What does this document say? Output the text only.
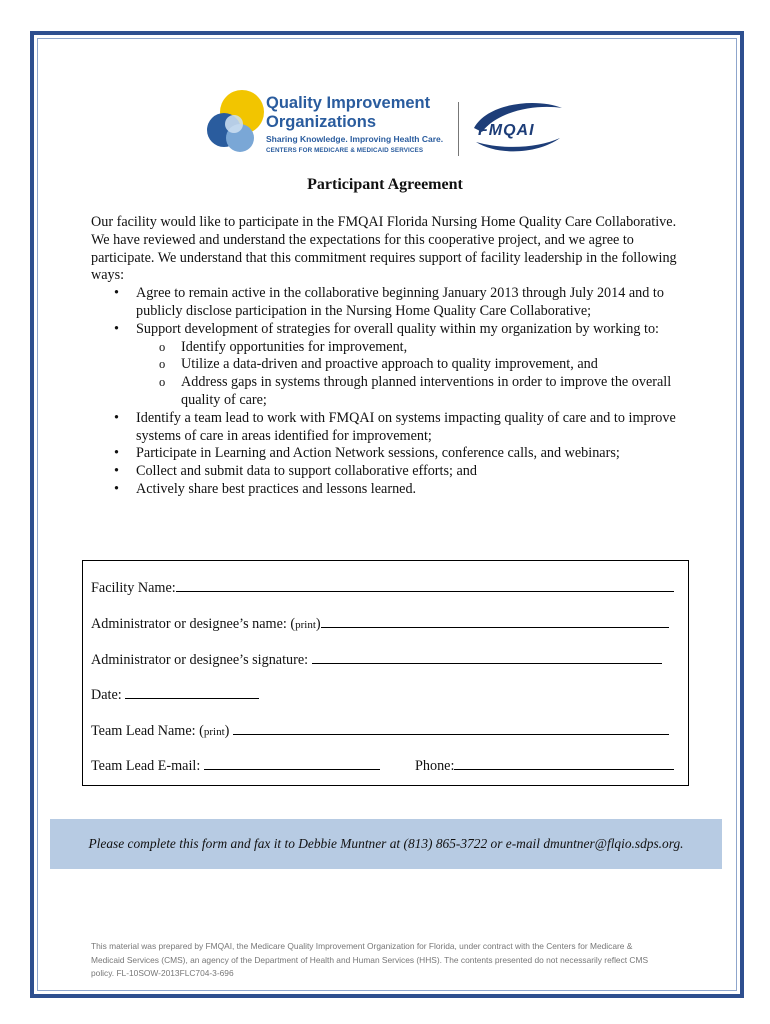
Quality Improvement
Organizations
Sharing Knowledge. Improving Health Care.
CENTERS FOR MEDICARE & MEDICAID SERVICES
FMQAI
Participant Agreement

Our facility would like to participate in the FMQAI Florida Nursing Home Quality Care Collaborative. We have reviewed and understand the expectations for this cooperative project, and we agree to participate. We understand that this commitment requires support of facility leadership in the following ways:

• Agree to remain active in the collaborative beginning January 2013 through July 2014 and to publicly disclose participation in the Nursing Home Quality Care Collaborative;
• Support development of strategies for overall quality within my organization by working to:
o Identify opportunities for improvement,
o Utilize a data-driven and proactive approach to quality improvement, and
o Address gaps in systems through planned interventions in order to improve the overall quality of care;
• Identify a team lead to work with FMQAI on systems impacting quality of care and to improve systems of care in areas identified for improvement;
• Participate in Learning and Action Network sessions, conference calls, and webinars;
• Collect and submit data to support collaborative efforts; and
• Actively share best practices and lessons learned.
Facility Name:
Administrator or designee’s name: (print)
Administrator or designee’s signature:
Date:
Team Lead Name: (print)
Team Lead E-mail:	Phone:
Please complete this form and fax it to Debbie Muntner at (813) 865-3722 or e-mail dmuntner@flqio.sdps.org.
This material was prepared by FMQAI, the Medicare Quality Improvement Organization for Florida, under contract with the Centers for Medicare & Medicaid Services (CMS), an agency of the Department of Health and Human Services (HHS). The contents presented do not necessarily reflect CMS policy. FL-10SOW-2013FLC704-3-696
